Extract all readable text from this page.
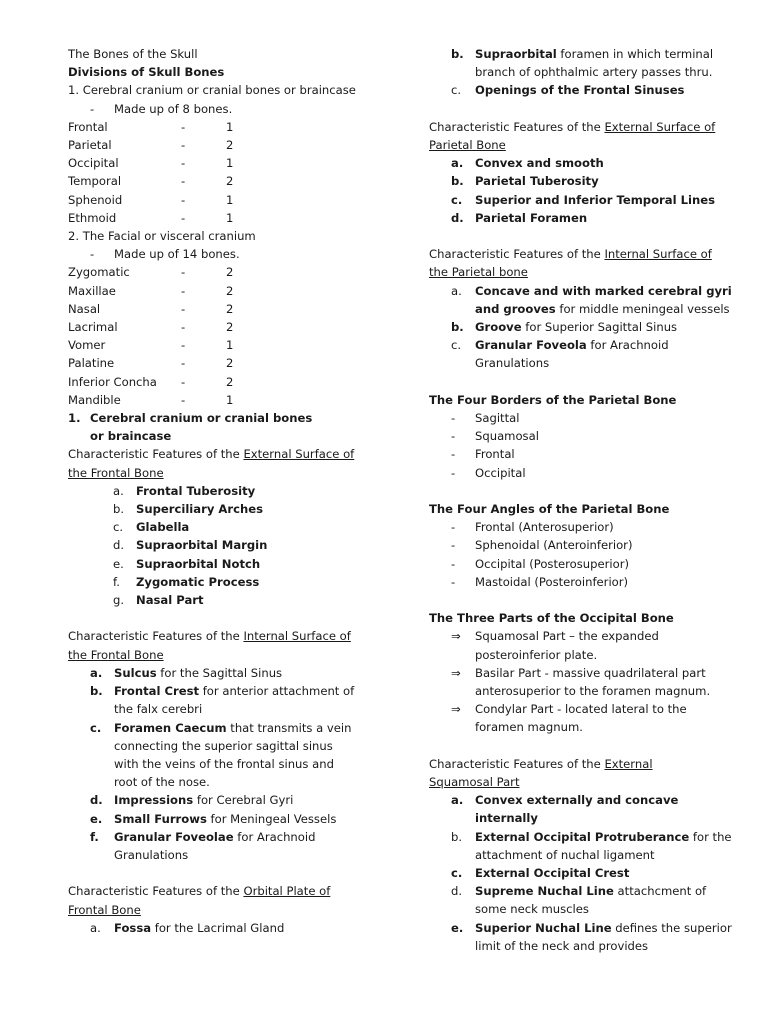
The Bones of the Skull
Divisions of Skull Bones
1. Cerebral cranium or cranial bones or braincase
- Made up of 8 bones.
Frontal	-	1
Parietal	-	2
Occipital	-	1
Temporal	-	2
Sphenoid	-	1
Ethmoid	-	1
2. The Facial or visceral cranium
- Made up of 14 bones.
Zygomatic	-	2
Maxillae	-	2
Nasal	-	2
Lacrimal	-	2
Vomer	-	1
Palatine	-	2
Inferior Concha	-	2
Mandible	-	1
1. Cerebral cranium or cranial bones or braincase
Characteristic Features of the External Surface of the Frontal Bone
a.	Frontal Tuberosity
b.	Superciliary Arches
c.	Glabella
d.	Supraorbital Margin
e.	Supraorbital Notch
f.	Zygomatic Process
g.	Nasal Part
Characteristic Features of the Internal Surface of the Frontal Bone
a.	Sulcus for the Sagittal Sinus
b. Frontal Crest for anterior attachment of the falx cerebri
c.	Foramen Caecum that transmits a vein connecting the superior sagittal sinus with the veins of the frontal sinus and root of the nose.
d. Impressions for Cerebral Gyri
e.	Small Furrows for Meningeal Vessels
f.	Granular Foveolae for Arachnoid Granulations
Characteristic Features of the Orbital Plate of Frontal Bone
a.	Fossa for the Lacrimal Gland
b. Supraorbital foramen in which terminal branch of ophthalmic artery passes thru.
c.	Openings of the Frontal Sinuses
Characteristic Features of the External Surface of Parietal Bone
a.	Convex and smooth
b. Parietal Tuberosity
c.	Superior and Inferior Temporal Lines
d. Parietal Foramen
Characteristic Features of the Internal Surface of the Parietal bone
a.	Concave and with marked cerebral gyri and grooves for middle meningeal vessels
b. Groove for Superior Sagittal Sinus
c.	Granular Foveola for Arachnoid Granulations
The Four Borders of the Parietal Bone
- Sagittal
- Squamosal
- Frontal
- Occipital
The Four Angles of the Parietal Bone
- Frontal (Anterosuperior)
- Sphenoidal (Anteroinferior)
- Occipital (Posterosuperior)
- Mastoidal (Posteroinferior)
The Three Parts of the Occipital Bone
⇒	Squamosal Part – the expanded posteroinferior plate.
⇒	Basilar Part - massive quadrilateral part anterosuperior to the foramen magnum.
⇒	Condylar Part - located lateral to the foramen magnum.
Characteristic Features of the External Squamosal Part
a.	Convex externally and concave internally
b.	External Occipital Protruberance for the attachment of nuchal ligament
c.	External Occipital Crest
d.	Supreme Nuchal Line attachcment of some neck muscles
e.	Superior Nuchal Line defines the superior limit of the neck and provides
